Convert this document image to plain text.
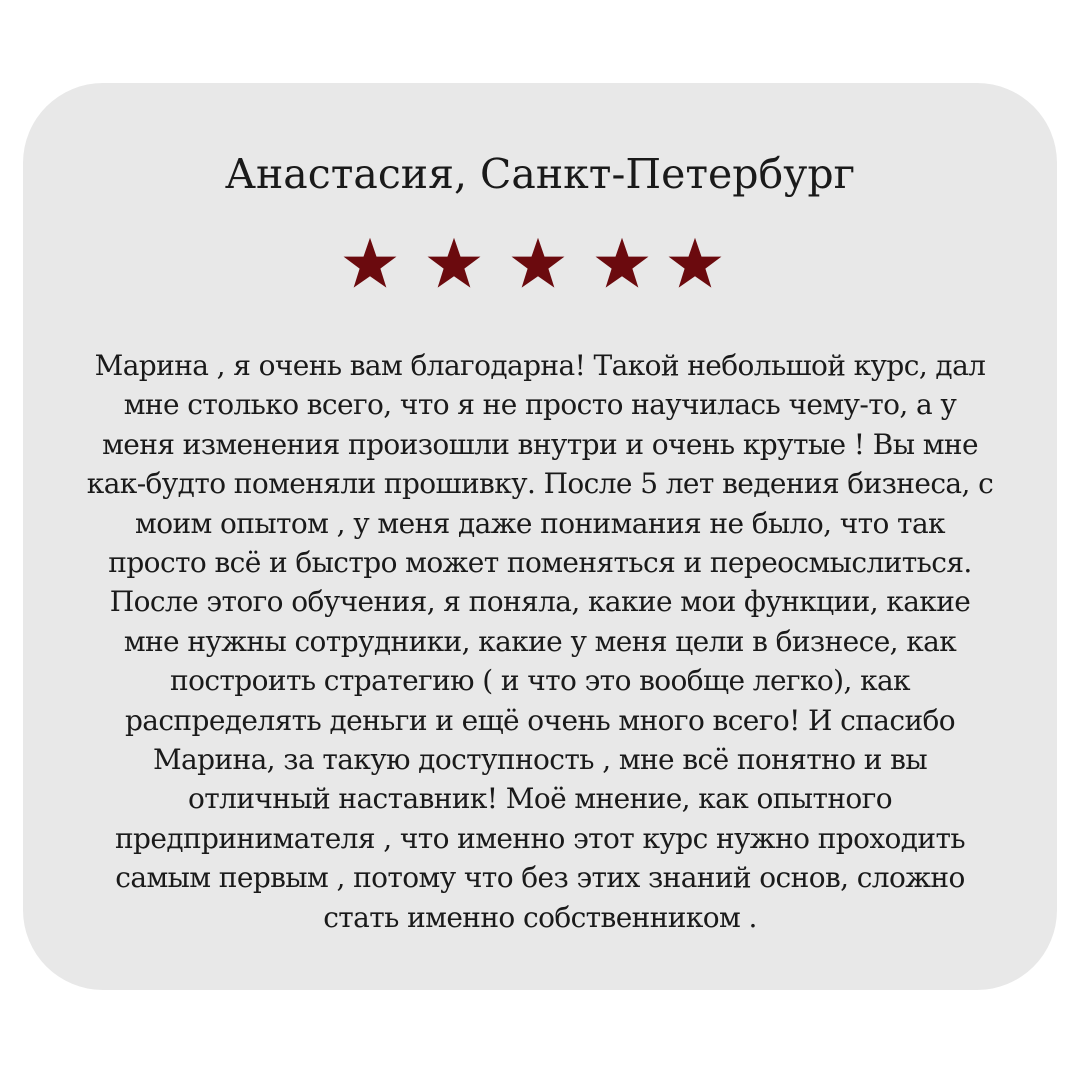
Анастасия, Санкт-Петербург

Марина , я очень вам благодарна! Такой небольшой курс, дал
мне столько всего, что я не просто научилась чему-то, а у
меня изменения произошли внутри и очень крутые ! Вы мне
как-будто поменяли прошивку. После 5 лет ведения бизнеса, с
моим опытом , у меня даже понимания не было, что так
просто всё и быстро может поменяться и переосмыслиться.
После этого обучения, я поняла, какие мои функции, какие
мне нужны сотрудники, какие у меня цели в бизнесе, как
построить стратегию ( и что это вообще легко), как
распределять деньги и ещё очень много всего! И спасибо
Марина, за такую доступность , мне всё понятно и вы
отличный наставник! Моё мнение, как опытного
предпринимателя , что именно этот курс нужно проходить
самым первым , потому что без этих знаний основ, сложно
стать именно собственником .
